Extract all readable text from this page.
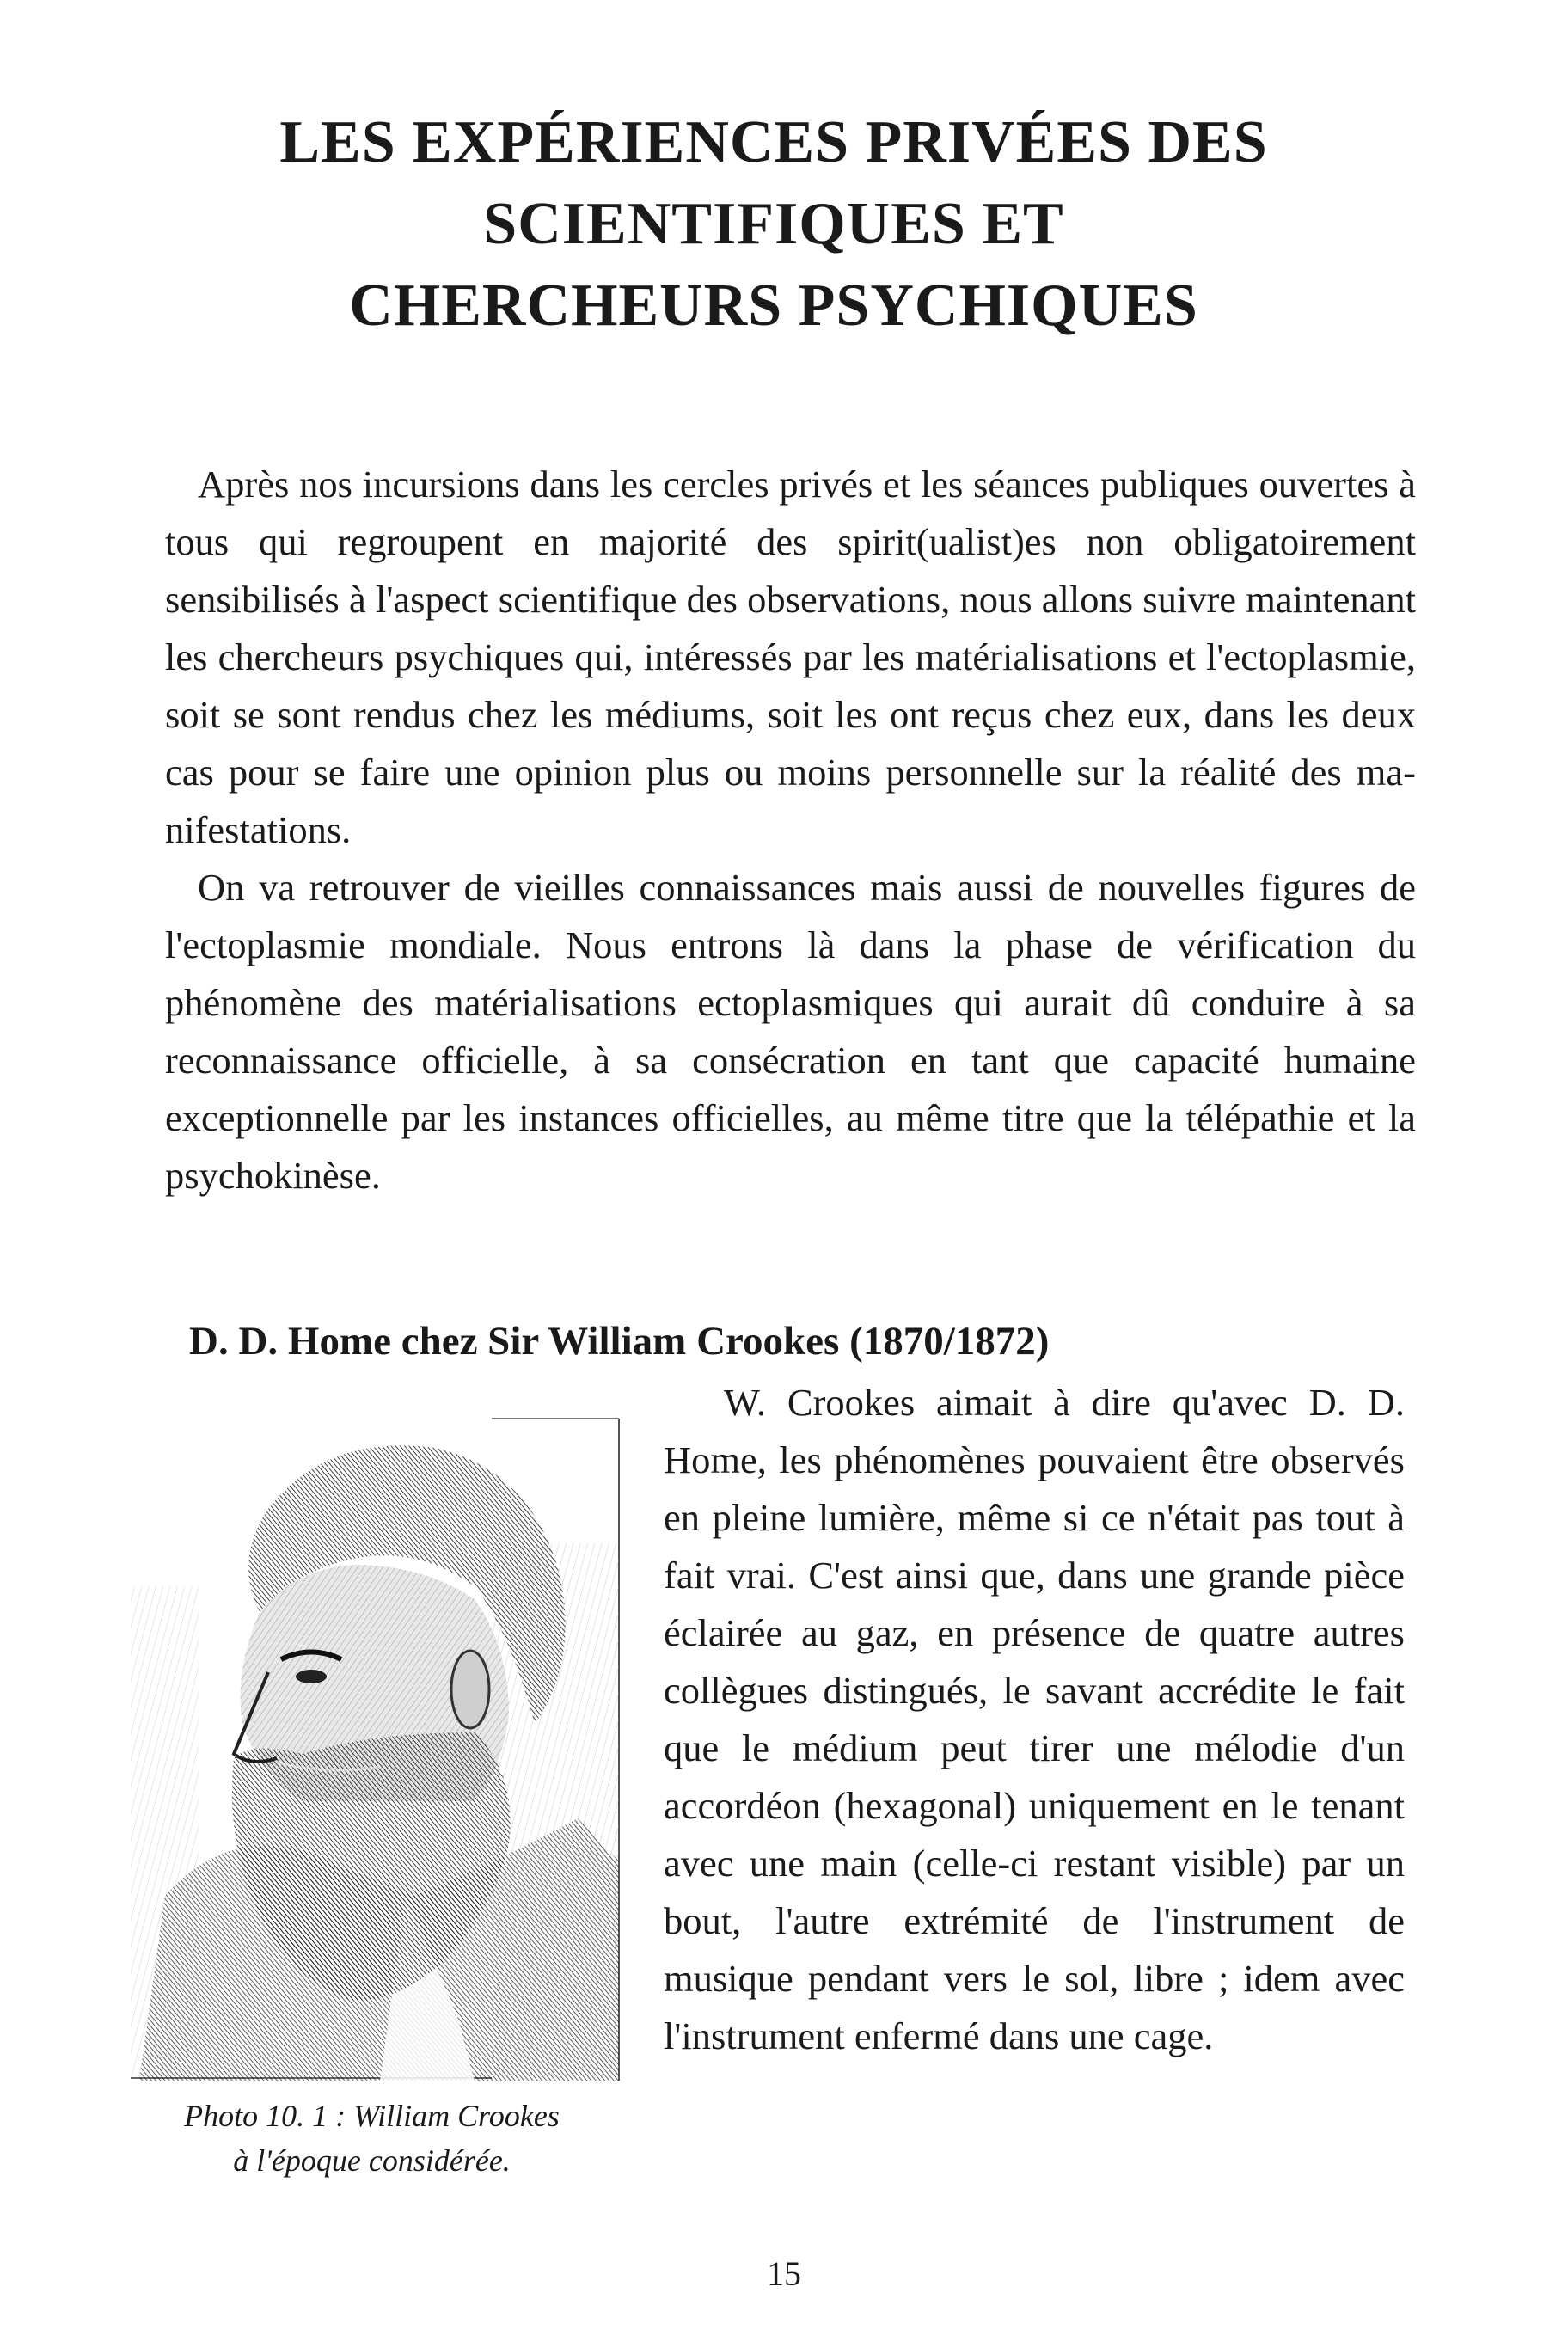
LES EXPÉRIENCES PRIVÉES DES
SCIENTIFIQUES ET
CHERCHEURS PSYCHIQUES

Après nos incursions dans les cercles privés et les séances publiques ouvertes à tous qui regroupent en majorité des spirit(ualist)es non obligatoirement sensibilisés à l'aspect scientifique des observations, nous allons suivre maintenant les chercheurs psychiques qui, intéressés par les matérialisations et l'ectoplasmie, soit se sont rendus chez les médiums, soit les ont reçus chez eux, dans les deux cas pour se faire une opinion plus ou moins personnelle sur la réalité des manifestations.

On va retrouver de vieilles connaissances mais aussi de nouvelles figures de l'ectoplasmie mondiale. Nous entrons là dans la phase de vérification du phénomène des matérialisations ectoplasmiques qui aurait dû conduire à sa reconnaissance officielle, à sa consécration en tant que capacité humaine exceptionnelle par les instances officielles, au même titre que la télépathie et la psychokinèse.

D. D. Home chez Sir William Crookes (1870/1872)
Photo 10. 1 : William Crookes
à l'époque considérée.

W. Crookes aimait à dire qu'avec D. D. Home, les phénomènes pouvaient être observés en pleine lumière, même si ce n'était pas tout à fait vrai. C'est ainsi que, dans une grande pièce éclairée au gaz, en présence de quatre autres collègues distingués, le savant accrédite le fait que le médium peut tirer une mélodie d'un accordéon (hexagonal) uniquement en le tenant avec une main (celle-ci restant visible) par un bout, l'autre extrémité de l'instrument de musique pendant vers le sol, libre ; idem avec l'instrument enfermé dans une cage.

15
